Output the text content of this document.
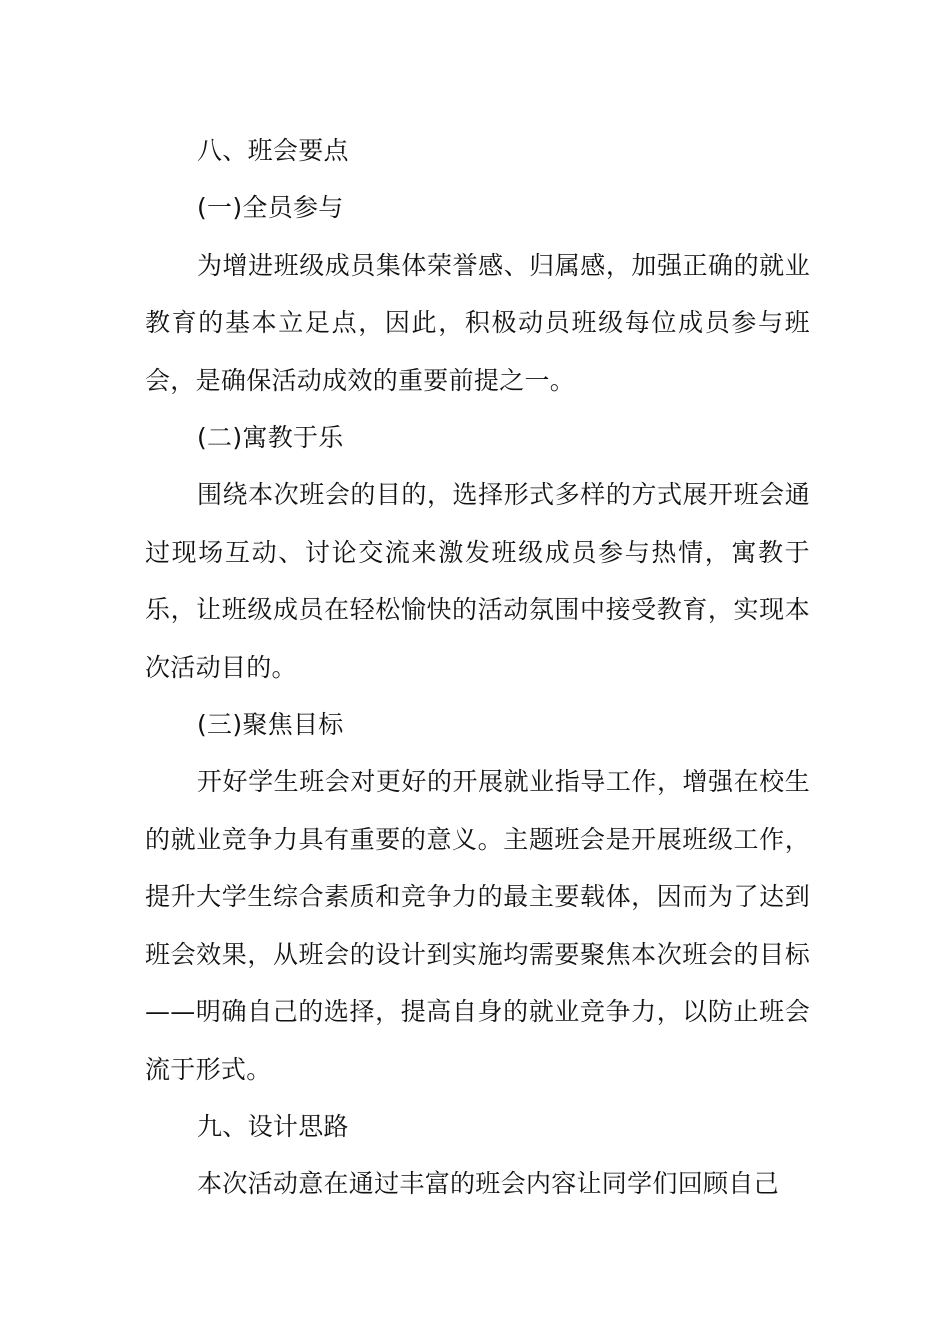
八、班会要点

(一)全员参与

为增进班级成员集体荣誉感、归属感，加强正确的就业教育的基本立足点，因此，积极动员班级每位成员参与班会，是确保活动成效的重要前提之一。

(二)寓教于乐

围绕本次班会的目的，选择形式多样的方式展开班会通过现场互动、讨论交流来激发班级成员参与热情，寓教于乐，让班级成员在轻松愉快的活动氛围中接受教育，实现本次活动目的。

(三)聚焦目标

开好学生班会对更好的开展就业指导工作，增强在校生的就业竞争力具有重要的意义。主题班会是开展班级工作，提升大学生综合素质和竞争力的最主要载体，因而为了达到班会效果，从班会的设计到实施均需要聚焦本次班会的目标——明确自己的选择，提高自身的就业竞争力，以防止班会流于形式。

九、设计思路

本次活动意在通过丰富的班会内容让同学们回顾自己
